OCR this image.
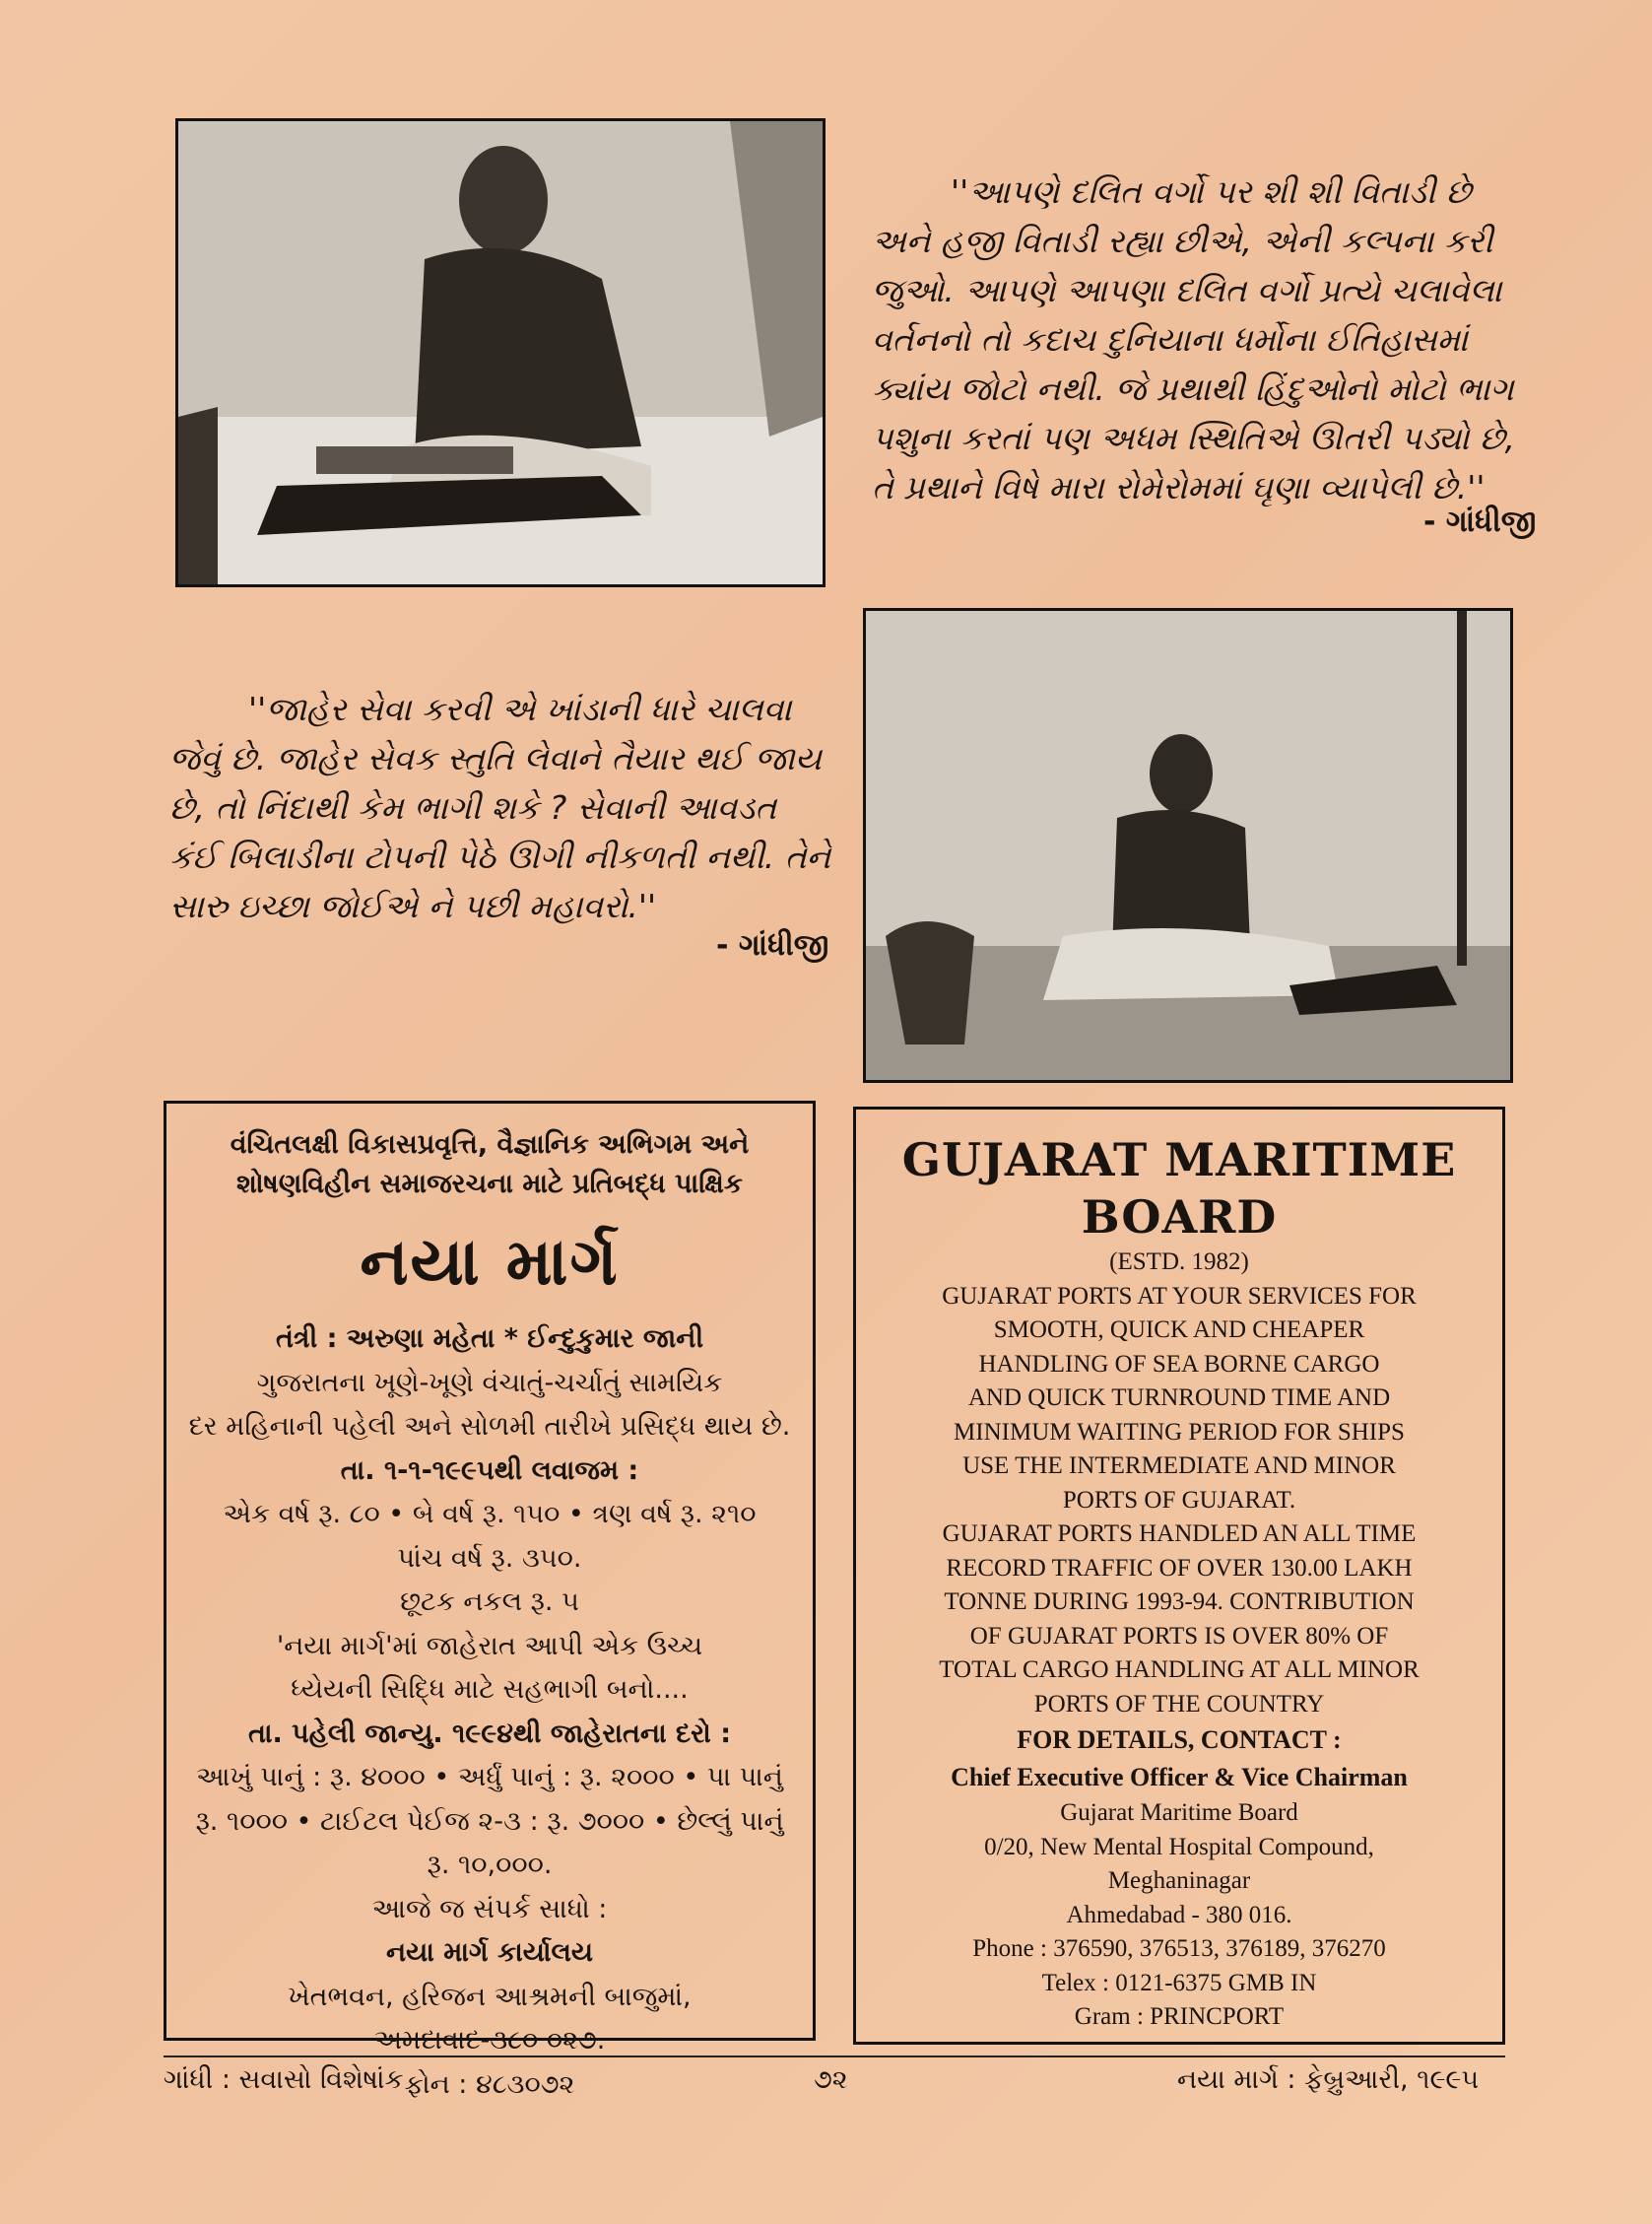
''આપણે દલિત વર્ગો પર શી શી વિતાડી છે અને હજી વિતાડી રહ્યા છીએ, એની કલ્પના કરી જુઓ. આપણે આપણા દલિત વર્ગો પ્રત્યે ચલાવેલા વર્તનનો તો કદાચ દુનિયાના ધર્મોના ઈતિહાસમાં ક્યાંય જોટો નથી. જે પ્રથાથી હિંદુઓનો મોટો ભાગ પશુના કરતાં પણ અધમ સ્થિતિએ ઊતરી પડ્યો છે, તે પ્રથાને વિષે મારા રોમેરોમમાં ઘૃણા વ્યાપેલી છે.''

- ગાંધીજી

''જાહેર સેવા કરવી એ ખાંડાની ધારે ચાલવા જેવું છે. જાહેર સેવક સ્તુતિ લેવાને તૈયાર થઈ જાય છે, તો નિંદાથી કેમ ભાગી શકે ? સેવાની આવડત કંઈ બિલાડીના ટોપની પેઠે ઊગી નીકળતી નથી. તેને સારુ ઇચ્છા જોઈએ ને પછી મહાવરો.''

- ગાંધીજી
વંચિતલક્ષી વિકાસપ્રવૃત્તિ, વૈજ્ઞાનિક અભિગમ અને
શોષણવિહીન સમાજરચના માટે પ્રતિબદ્ધ પાક્ષિક
નયા માર્ગ
તંત્રી : અરુણા મહેતા * ઈન્દુકુમાર જાની
ગુજરાતના ખૂણે-ખૂણે વંચાતું-ચર્ચાતું સામયિક
દર મહિનાની પહેલી અને સોળમી તારીખે પ્રસિદ્ધ થાય છે.
તા. ૧-૧-૧૯૯૫થી લવાજમ :
એક વર્ષ રૂ. ૮૦ • બે વર્ષ રૂ. ૧૫૦ • ત્રણ વર્ષ રૂ. ૨૧૦
પાંચ વર્ષ રૂ. ૩૫૦.
છૂટક નકલ રૂ. ૫
'નયા માર્ગ'માં જાહેરાત આપી એક ઉચ્ચ
ધ્યેયની સિદ્ધિ માટે સહભાગી બનો....
તા. પહેલી જાન્યુ. ૧૯૯૪થી જાહેરાતના દરો :
આખું પાનું : રૂ. ૪૦૦૦ • અર્ધું પાનું : રૂ. ૨૦૦૦ • પા પાનું
રૂ. ૧૦૦૦ • ટાઈટલ પેઈજ ૨-૩ : રૂ. ૭૦૦૦ • છેલ્લું પાનું
રૂ. ૧૦,૦૦૦.
આજે જ સંપર્ક સાધો :
નયા માર્ગ કાર્યાલય
ખેતભવન, હરિજન આશ્રમની બાજુમાં,
અમદાવાદ-૩૮૦ ૦૨૭.
ફોન : ૪૮૩૦૭૨
GUJARAT MARITIME
BOARD
(ESTD. 1982)
GUJARAT PORTS AT YOUR SERVICES FOR
SMOOTH, QUICK AND CHEAPER
HANDLING OF SEA BORNE CARGO
AND QUICK TURNROUND TIME AND
MINIMUM WAITING PERIOD FOR SHIPS
USE THE INTERMEDIATE AND MINOR
PORTS OF GUJARAT.
GUJARAT PORTS HANDLED AN ALL TIME
RECORD TRAFFIC OF OVER 130.00 LAKH
TONNE DURING 1993-94. CONTRIBUTION
OF GUJARAT PORTS IS OVER 80% OF
TOTAL CARGO HANDLING AT ALL MINOR
PORTS OF THE COUNTRY
FOR DETAILS, CONTACT :
Chief Executive Officer & Vice Chairman
Gujarat Maritime Board
0/20, New Mental Hospital Compound,
Meghaninagar
Ahmedabad - 380 016.
Phone : 376590, 376513, 376189, 376270
Telex : 0121-6375 GMB IN
Gram : PRINCPORT
ગાંધી : સવાસો વિશેષાંક	૭૨	નયા માર્ગ : ફેબ્રુઆરી, ૧૯૯૫
